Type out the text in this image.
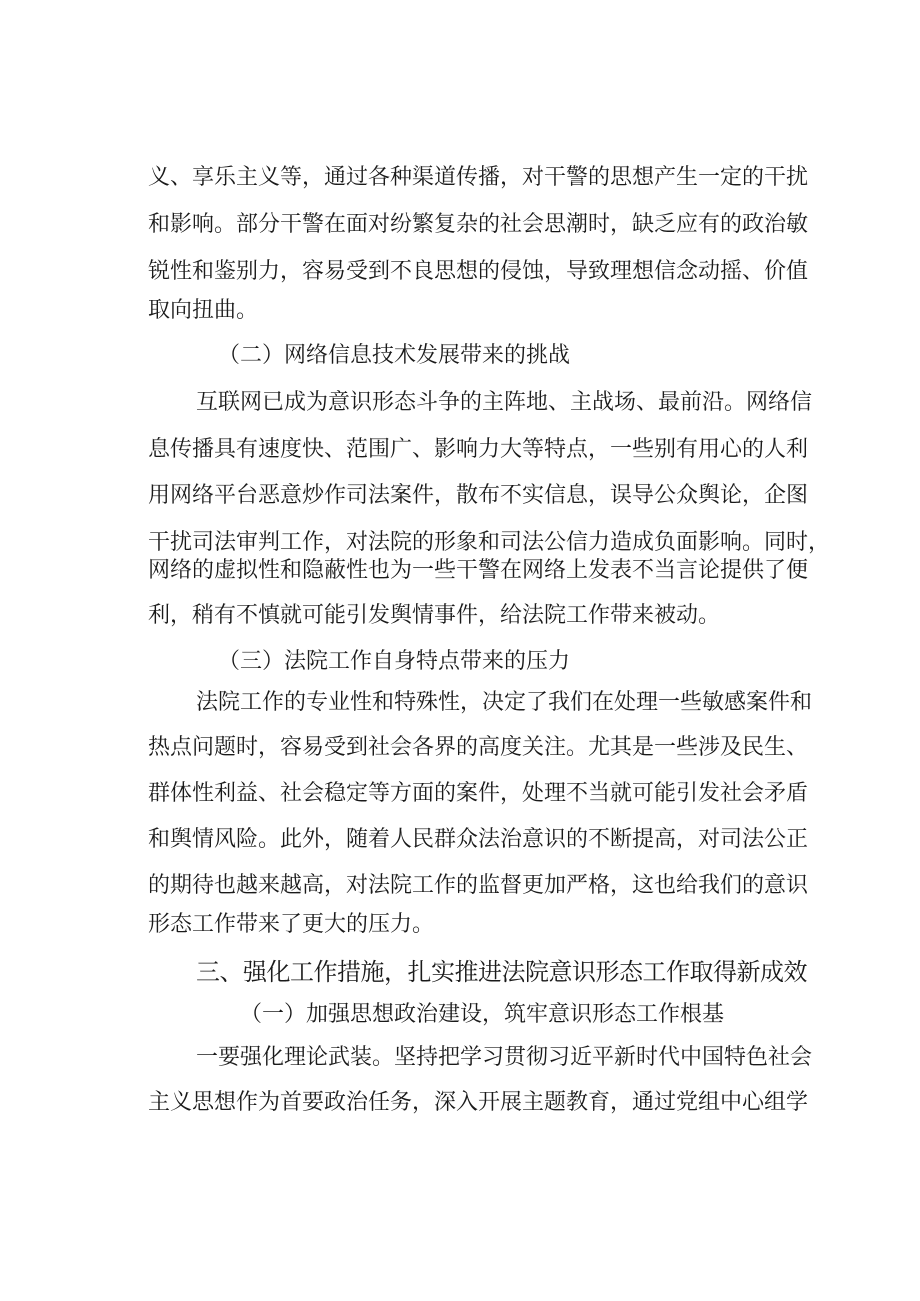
义、享乐主义等，通过各种渠道传播，对干警的思想产生一定的干扰
和影响。部分干警在面对纷繁复杂的社会思潮时，缺乏应有的政治敏
锐性和鉴别力，容易受到不良思想的侵蚀，导致理想信念动摇、价值
取向扭曲。
（二）网络信息技术发展带来的挑战
互联网已成为意识形态斗争的主阵地、主战场、最前沿。网络信
息传播具有速度快、范围广、影响力大等特点，一些别有用心的人利
用网络平台恶意炒作司法案件，散布不实信息，误导公众舆论，企图
干扰司法审判工作，对法院的形象和司法公信力造成负面影响。同时，
网络的虚拟性和隐蔽性也为一些干警在网络上发表不当言论提供了便
利，稍有不慎就可能引发舆情事件，给法院工作带来被动。
（三）法院工作自身特点带来的压力
法院工作的专业性和特殊性，决定了我们在处理一些敏感案件和
热点问题时，容易受到社会各界的高度关注。尤其是一些涉及民生、
群体性利益、社会稳定等方面的案件，处理不当就可能引发社会矛盾
和舆情风险。此外，随着人民群众法治意识的不断提高，对司法公正
的期待也越来越高，对法院工作的监督更加严格，这也给我们的意识
形态工作带来了更大的压力。
三、强化工作措施，扎实推进法院意识形态工作取得新成效
（一）加强思想政治建设，筑牢意识形态工作根基
一要强化理论武装。坚持把学习贯彻习近平新时代中国特色社会
主义思想作为首要政治任务，深入开展主题教育，通过党组中心组学
